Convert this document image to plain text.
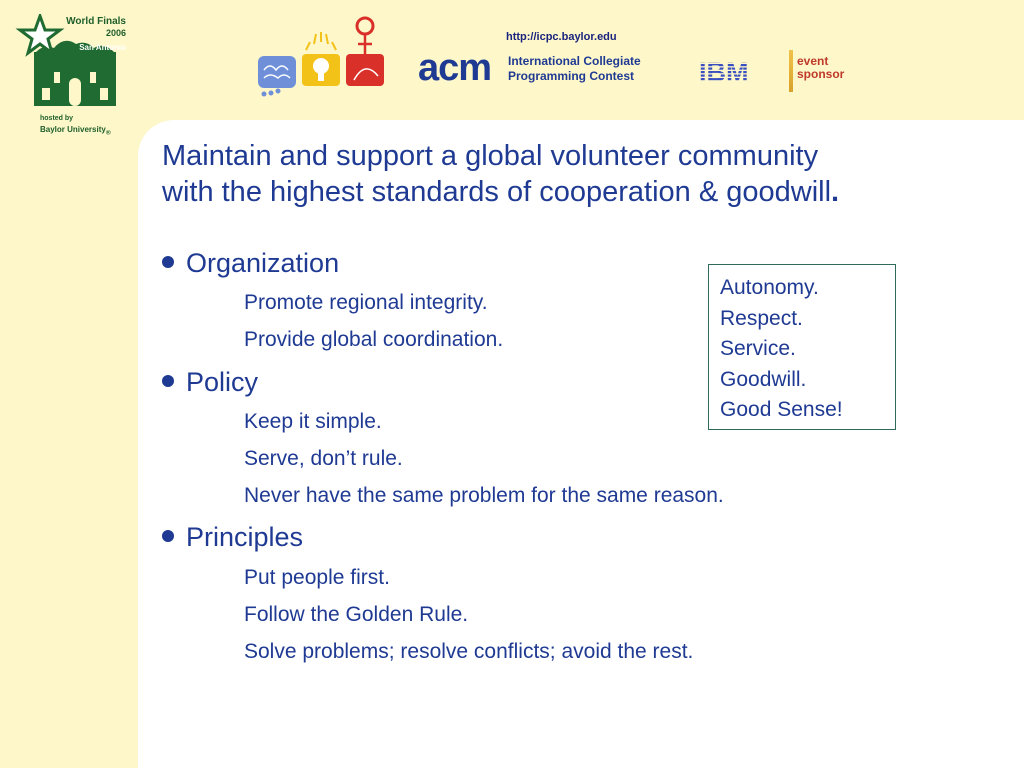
World Finals
2006
San Antonio
hosted by
Baylor University$_®$
http://icpc.baylor.edu
acm International Collegiate
Programming Contest IBM	event
sponsor
Maintain and support a global volunteer community
with the highest standards of cooperation & goodwill.
Organization
Promote regional integrity.
Provide global coordination.
Policy
Keep it simple.
Serve, don’t rule.
Never have the same problem for the same reason.
Principles
Put people first.
Follow the Golden Rule.
Solve problems; resolve conflicts; avoid the rest.
Autonomy.
Respect.
Service.
Goodwill.
Good Sense!
